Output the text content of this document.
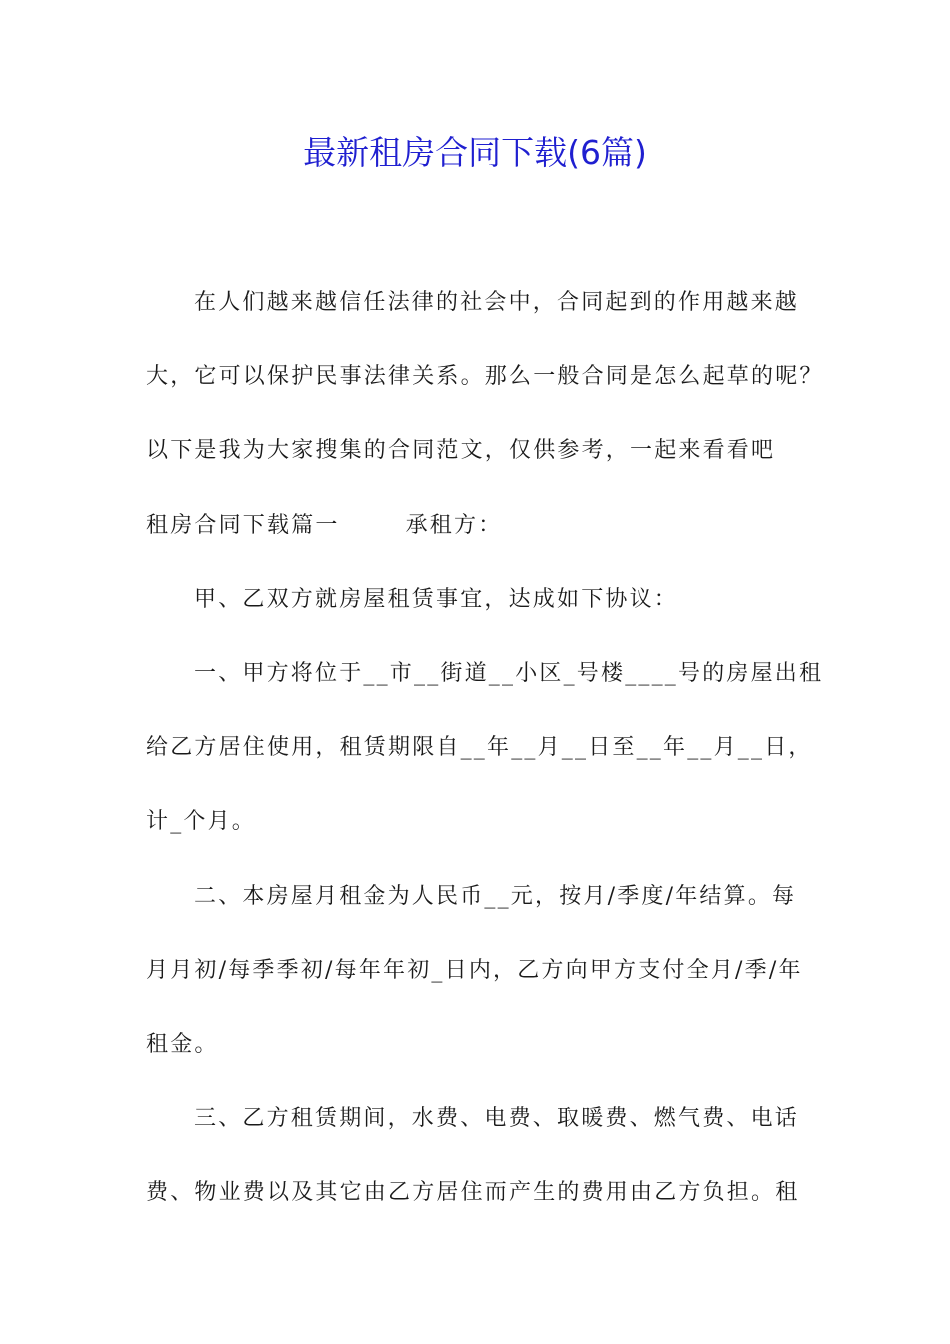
最新租房合同下载(6篇)
在人们越来越信任法律的社会中，合同起到的作用越来越
大，它可以保护民事法律关系。那么一般合同是怎么起草的呢？
以下是我为大家搜集的合同范文，仅供参考，一起来看看吧
租房合同下载篇一	承租方：
甲、乙双方就房屋租赁事宜，达成如下协议：
一、甲方将位于__市__街道__小区_号楼____号的房屋出租
给乙方居住使用，租赁期限自__年__月__日至__年__月__日，
计_个月。
二、本房屋月租金为人民币__元，按月/季度/年结算。每
月月初/每季季初/每年年初_日内，乙方向甲方支付全月/季/年
租金。
三、乙方租赁期间，水费、电费、取暖费、燃气费、电话
费、物业费以及其它由乙方居住而产生的费用由乙方负担。租
